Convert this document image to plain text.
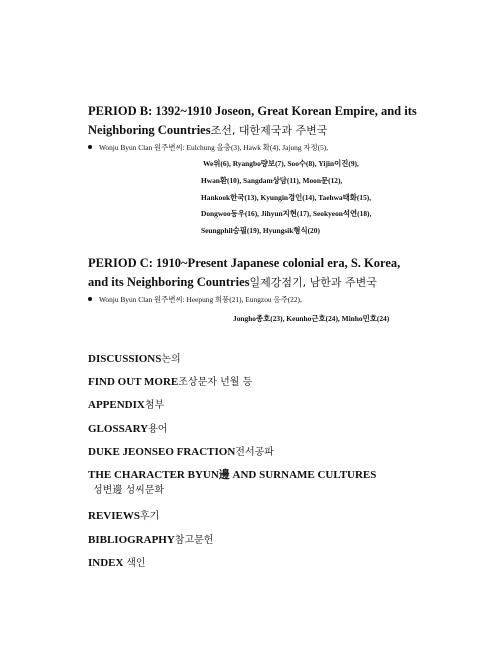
PERIOD B: 1392~1910 Joseon, Great Korean Empire, and its
Neighboring Countries조선, 대한제국과 주변국
Wonju Byun Clan 원주변씨: Eulchung 을충(3), Hawk 확(4), Jajung 자정(5),
We위(6), Ryangbo량보(7), Soo수(8), Yijin이진(9),
Hwan환(10), Sangdam상담(11), Moon문(12),
Hankook한국(13), Kyungin경인(14), Taehwa태화(15),
Dongwoo동우(16), Jihyun지현(17), Seokyeon석연(18),
Seungphil승필(19), Hyungsik형식(20)
PERIOD C: 1910~Present Japanese colonial era, S. Korea,
and its Neighboring Countries일제강점기, 남한과 주변국
Wonju Byun Clan 원주변씨: Heepung 희풍(21), Eungzou 응주(22),
Jongho종호(23), Keunho근호(24), Minho민호(24)
DISCUSSIONS논의
FIND OUT MORE조상문자 년월 등
APPENDIX첨부
GLOSSARY용어
DUKE JEONSEO FRACTION전서공파
THE CHARACTER BYUN邊 AND SURNAME CULTURES
성변邊 성씨문화
REVIEWS후기
BIBLIOGRAPHY참고문헌
INDEX 색인
